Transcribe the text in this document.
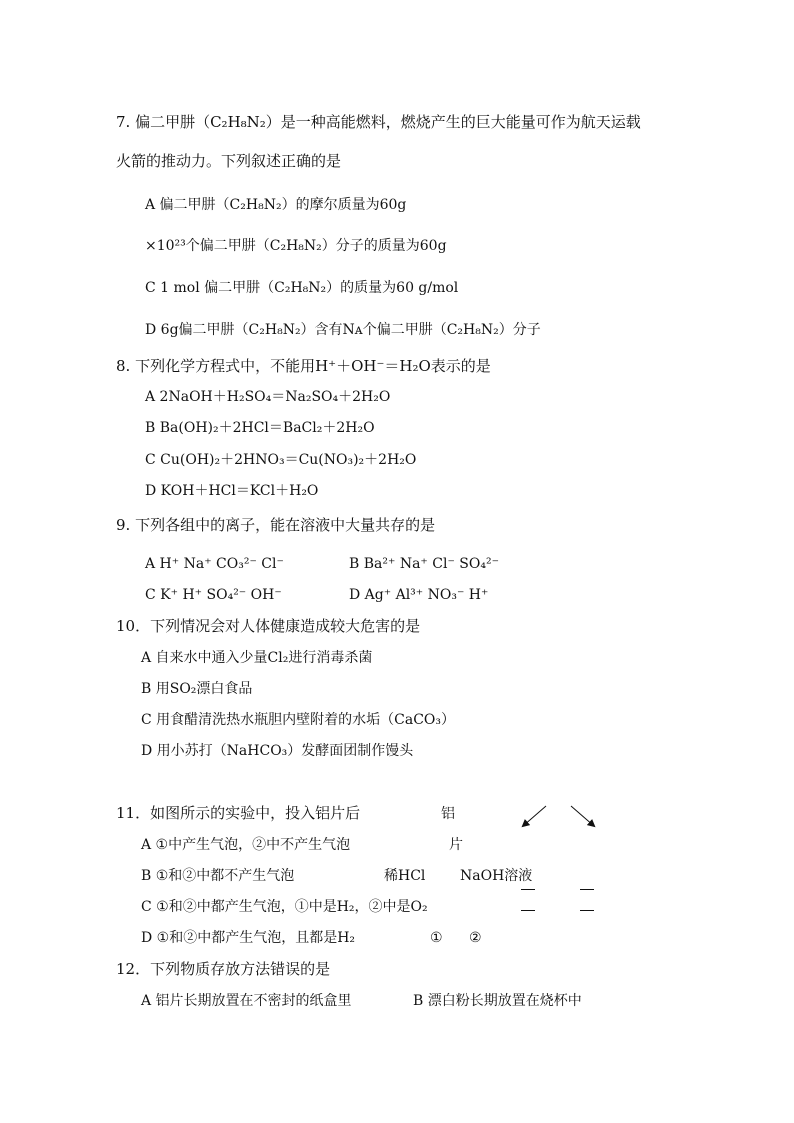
7. 偏二甲肼（C₂H₈N₂）是一种高能燃料，燃烧产生的巨大能量可作为航天运载
火箭的推动力。下列叙述正确的是
A 偏二甲肼（C₂H₈N₂）的摩尔质量为60g
×10²³个偏二甲肼（C₂H₈N₂）分子的质量为60g
C 1 mol 偏二甲肼（C₂H₈N₂）的质量为60 g/mol
D 6g偏二甲肼（C₂H₈N₂）含有Nᴀ个偏二甲肼（C₂H₈N₂）分子
8. 下列化学方程式中，不能用H⁺＋OH⁻＝H₂O表示的是
A 2NaOH＋H₂SO₄＝Na₂SO₄＋2H₂O
B Ba(OH)₂＋2HCl＝BaCl₂＋2H₂O
C Cu(OH)₂＋2HNO₃＝Cu(NO₃)₂＋2H₂O
D KOH＋HCl＝KCl＋H₂O
9. 下列各组中的离子，能在溶液中大量共存的是
A H⁺ Na⁺ CO₃²⁻ Cl⁻	B Ba²⁺ Na⁺ Cl⁻ SO₄²⁻
C K⁺ H⁺ SO₄²⁻ OH⁻	D Ag⁺ Al³⁺ NO₃⁻ H⁺
10．下列情况会对人体健康造成较大危害的是
A 自来水中通入少量Cl₂进行消毒杀菌
B 用SO₂漂白食品
C 用食醋清洗热水瓶胆内壁附着的水垢（CaCO₃）
D 用小苏打（NaHCO₃）发酵面团制作馒头
11．如图所示的实验中，投入铝片后
A ①中产生气泡，②中不产生气泡
B ①和②中都不产生气泡
C ①和②中都产生气泡，①中是H₂，②中是O₂
D ①和②中都产生气泡，且都是H₂
铝
片
稀HCl NaOH溶液
① ②
12．下列物质存放方法错误的是
A 铝片长期放置在不密封的纸盒里	B 漂白粉长期放置在烧杯中
